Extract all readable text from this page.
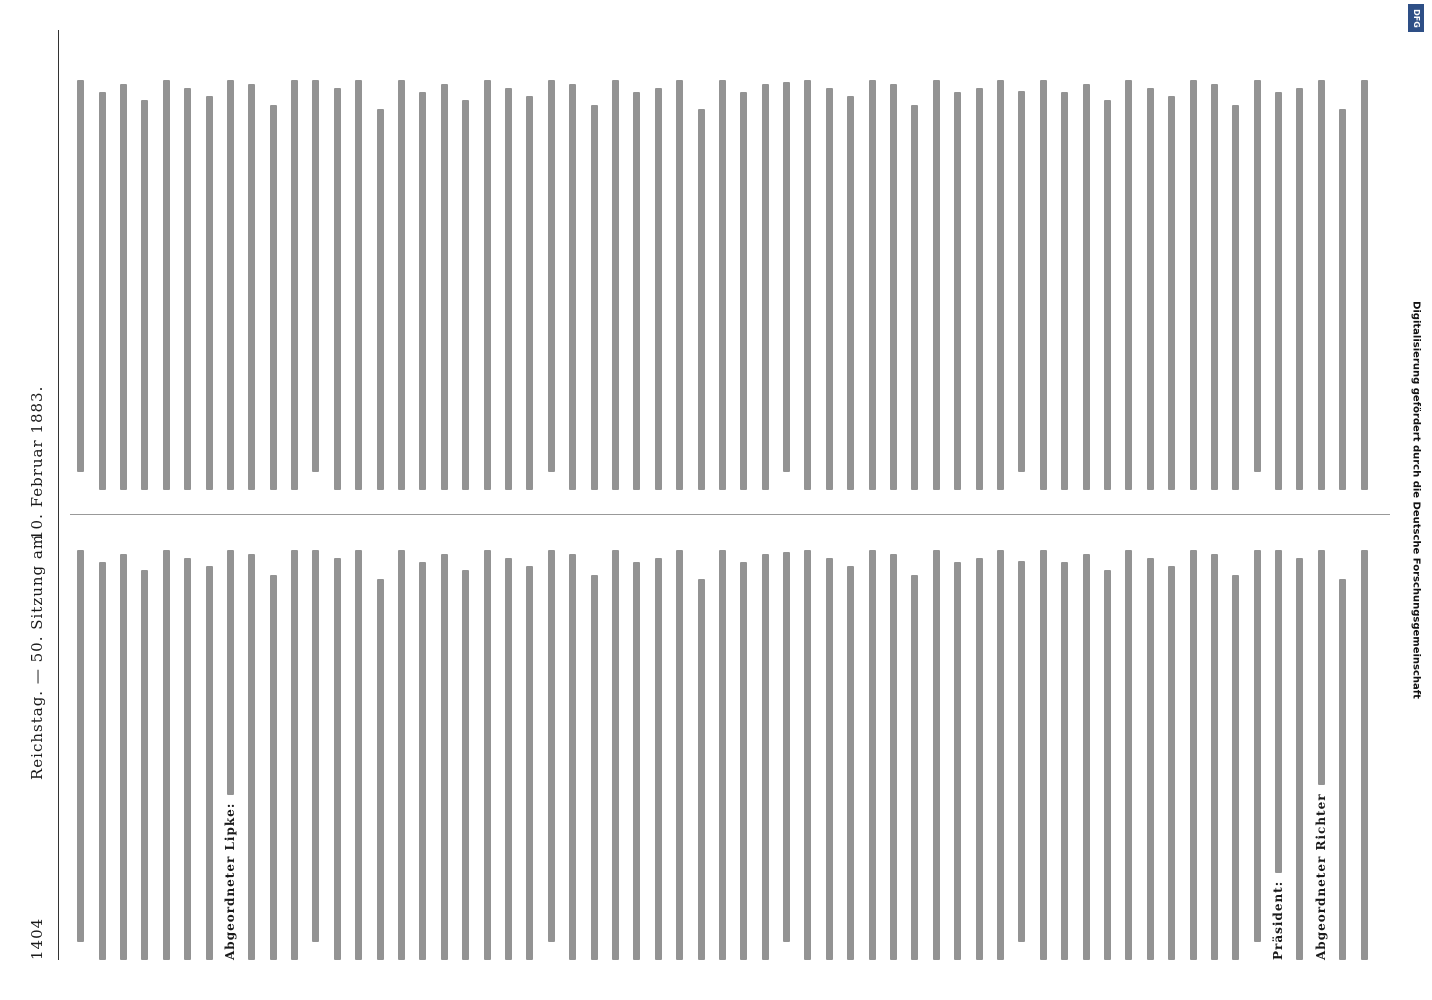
1404
Reichstag. — 50. Sitzung am
10. Februar 1883.
Abgeordneter Lipke:	Präsident:	Abgeordneter Richter
DFG
Digitalisierung gefördert durch die Deutsche Forschungsgemeinschaft
